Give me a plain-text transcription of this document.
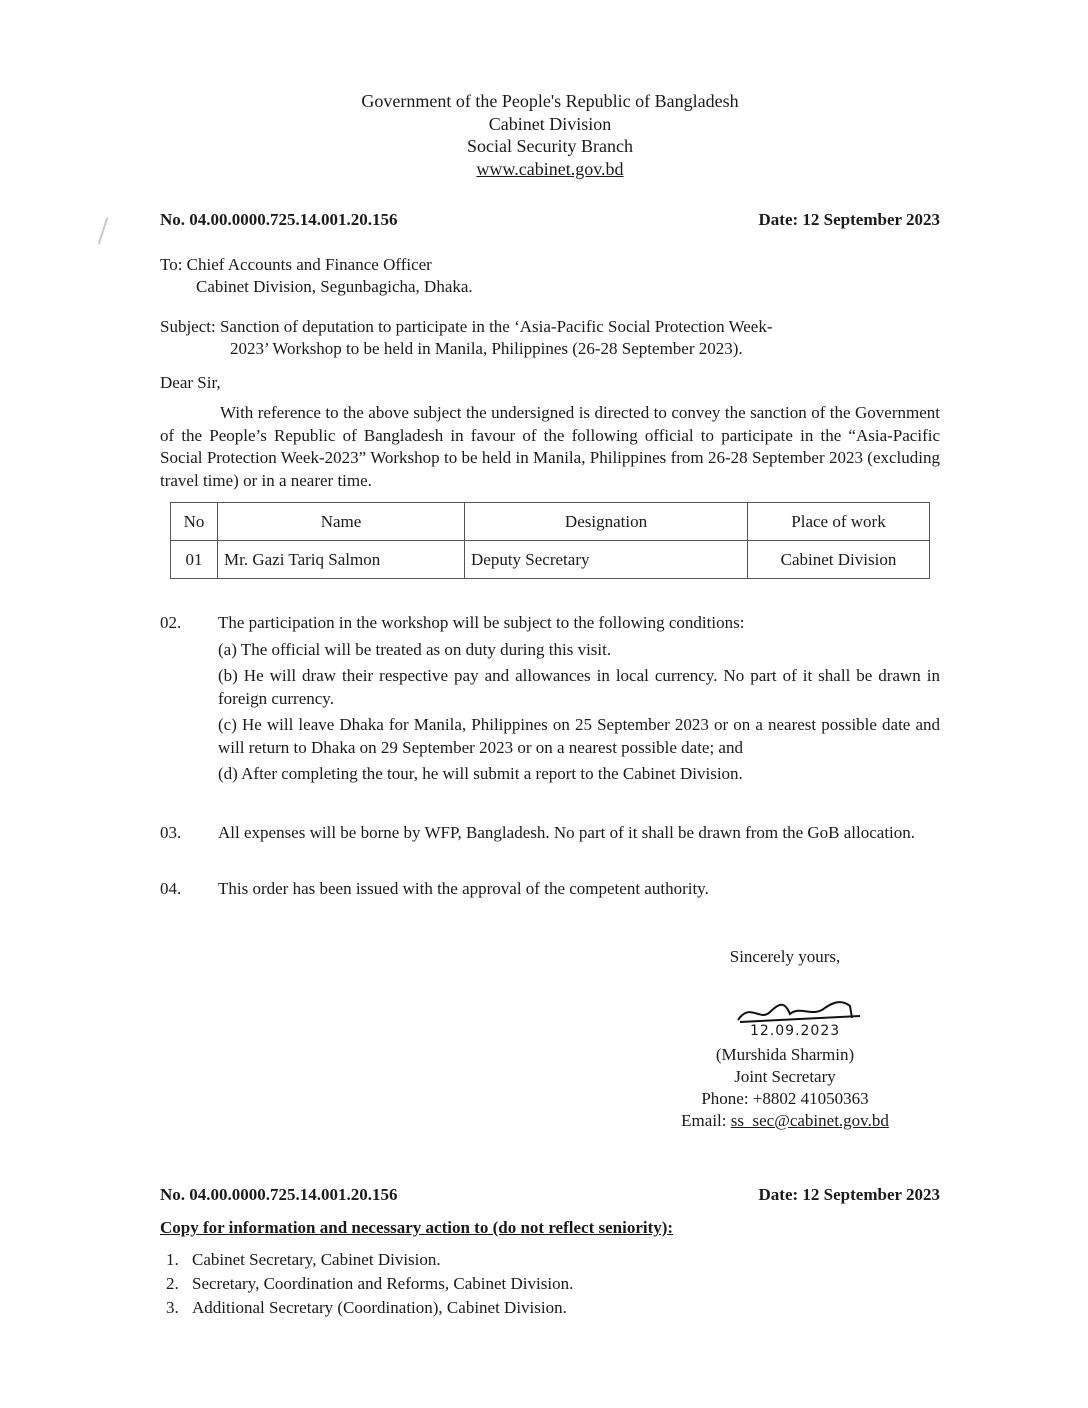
Government of the People's Republic of Bangladesh
Cabinet Division
Social Security Branch
www.cabinet.gov.bd
No. 04.00.0000.725.14.001.20.156	Date: 12 September 2023
To: Chief Accounts and Finance Officer
Cabinet Division, Segunbagicha, Dhaka.
Subject: Sanction of deputation to participate in the ‘Asia-Pacific Social Protection Week-
2023’ Workshop to be held in Manila, Philippines (26-28 September 2023).
Dear Sir,
With reference to the above subject the undersigned is directed to convey the sanction of the Government of the People’s Republic of Bangladesh in favour of the following official to participate in the “Asia-Pacific Social Protection Week-2023” Workshop to be held in Manila, Philippines from 26-28 September 2023 (excluding travel time) or in a nearer time.
No	Name	Designation	Place of work
01	Mr. Gazi Tariq Salmon	Deputy Secretary	Cabinet Division
02. The participation in the workshop will be subject to the following conditions:
(a) The official will be treated as on duty during this visit.
(b) He will draw their respective pay and allowances in local currency. No part of it shall be drawn in foreign currency.
(c) He will leave Dhaka for Manila, Philippines on 25 September 2023 or on a nearest possible date and will return to Dhaka on 29 September 2023 or on a nearest possible date; and
(d) After completing the tour, he will submit a report to the Cabinet Division.
03. All expenses will be borne by WFP, Bangladesh. No part of it shall be drawn from the GoB allocation.
04. This order has been issued with the approval of the competent authority.
Sincerely yours,
12.09.2023
(Murshida Sharmin)
Joint Secretary
Phone: +8802 41050363
Email: ss_sec@cabinet.gov.bd
No. 04.00.0000.725.14.001.20.156	Date: 12 September 2023
Copy for information and necessary action to (do not reflect seniority):
1. Cabinet Secretary, Cabinet Division.
2. Secretary, Coordination and Reforms, Cabinet Division.
3. Additional Secretary (Coordination), Cabinet Division.
